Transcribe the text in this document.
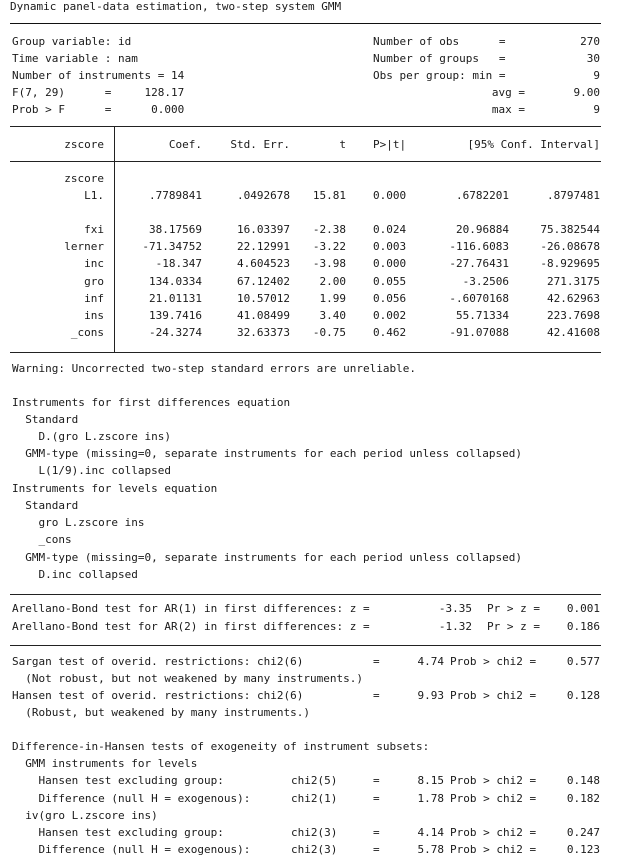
Dynamic panel-data estimation, two-step system GMM
Group variable: id
Time variable : nam
Number of instruments = 14
F(7, 29)      =     128.17
Prob > F      =      0.000
Number of obs      =	270
Number of groups   =	30
Obs per group: min =	9
avg =	9.00
max =	9
zscore	Coef.	Std. Err.	t P>|t|	[95% Conf. Interval]
zscore
L1.	.7789841	.0492678	15.81 0.000	.6782201	.8797481
fxi	38.17569	16.03397	-2.38 0.024	20.96884	75.382544
lerner	-71.34752	22.12991	-3.22 0.003	-116.6083	-26.08678
inc	-18.347	4.604523	-3.98 0.000	-27.76431	-8.929695
gro	134.0334	67.12402	2.00 0.055	-3.2506	271.3175
inf	21.01131	10.57012	1.99 0.056	-.6070168	42.62963
ins	139.7416	41.08499	3.40 0.002	55.71334	223.7698
_cons	-24.3274	32.63373	-0.75 0.462	-91.07088	42.41608
Warning: Uncorrected two-step standard errors are unreliable.
Instruments for first differences equation
Standard
D.(gro L.zscore ins)
GMM-type (missing=0, separate instruments for each period unless collapsed)
L(1/9).inc collapsed
Instruments for levels equation
Standard
gro L.zscore ins
_cons
GMM-type (missing=0, separate instruments for each period unless collapsed)
D.inc collapsed
Arellano-Bond test for AR(1) in first differences: z =	-3.35 Pr > z =	0.001
Arellano-Bond test for AR(2) in first differences: z =	-1.32 Pr > z =	0.186
Sargan test of overid. restrictions: chi2(6)	=	4.74 Prob > chi2 =	0.577
(Not robust, but not weakened by many instruments.)
Hansen test of overid. restrictions: chi2(6)	=	9.93 Prob > chi2 =	0.128
(Robust, but weakened by many instruments.)
Difference-in-Hansen tests of exogeneity of instrument subsets:
GMM instruments for levels
Hansen test excluding group:	chi2(5)	=	8.15 Prob > chi2 =	0.148
Difference (null H = exogenous):	chi2(1)	=	1.78 Prob > chi2 =	0.182
iv(gro L.zscore ins)
Hansen test excluding group:	chi2(3)	=	4.14 Prob > chi2 =	0.247
Difference (null H = exogenous):	chi2(3)	=	5.78 Prob > chi2 =	0.123
